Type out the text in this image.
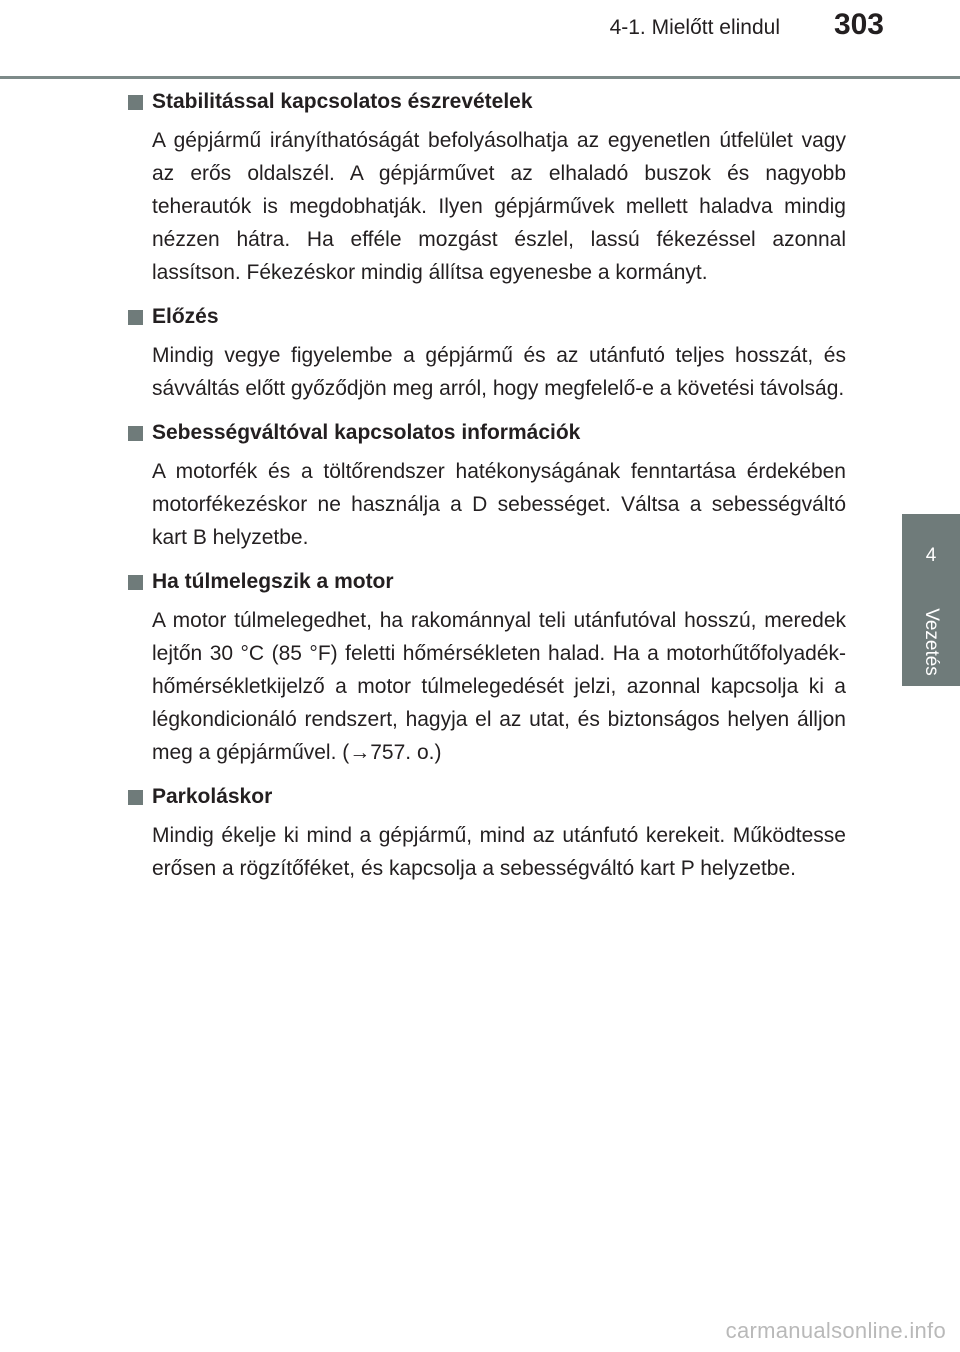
4-1. Mielőtt elindul 303
4
Vezetés
Stabilitással kapcsolatos észrevételek
A gépjármű irányíthatóságát befolyásolhatja az egyenetlen útfelület vagy az erős oldalszél. A gépjárművet az elhaladó buszok és nagyobb teherautók is megdobhatják. Ilyen gépjárművek mellett haladva mindig nézzen hátra. Ha efféle mozgást észlel, lassú fékezéssel azonnal lassítson. Fékezéskor mindig állítsa egyenesbe a kormányt.
Előzés
Mindig vegye figyelembe a gépjármű és az utánfutó teljes hosszát, és sávváltás előtt győződjön meg arról, hogy megfelelő-e a követési távolság.
Sebességváltóval kapcsolatos információk
A motorfék és a töltőrendszer hatékonyságának fenntartása érdekében motorfékezéskor ne használja a D sebességet. Váltsa a sebességváltó kart B helyzetbe.
Ha túlmelegszik a motor
A motor túlmelegedhet, ha rakománnyal teli utánfutóval hosszú, meredek lejtőn 30 °C (85 °F) feletti hőmérsékleten halad. Ha a motorhűtőfolyadék-hőmérsékletkijelző a motor túlmelegedését jelzi, azonnal kapcsolja ki a légkondicionáló rendszert, hagyja el az utat, és biztonságos helyen álljon meg a gépjárművel. (→757. o.)
Parkoláskor
Mindig ékelje ki mind a gépjármű, mind az utánfutó kerekeit. Működtesse erősen a rögzítőféket, és kapcsolja a sebességváltó kart P helyzetbe.
carmanualsonline.info
